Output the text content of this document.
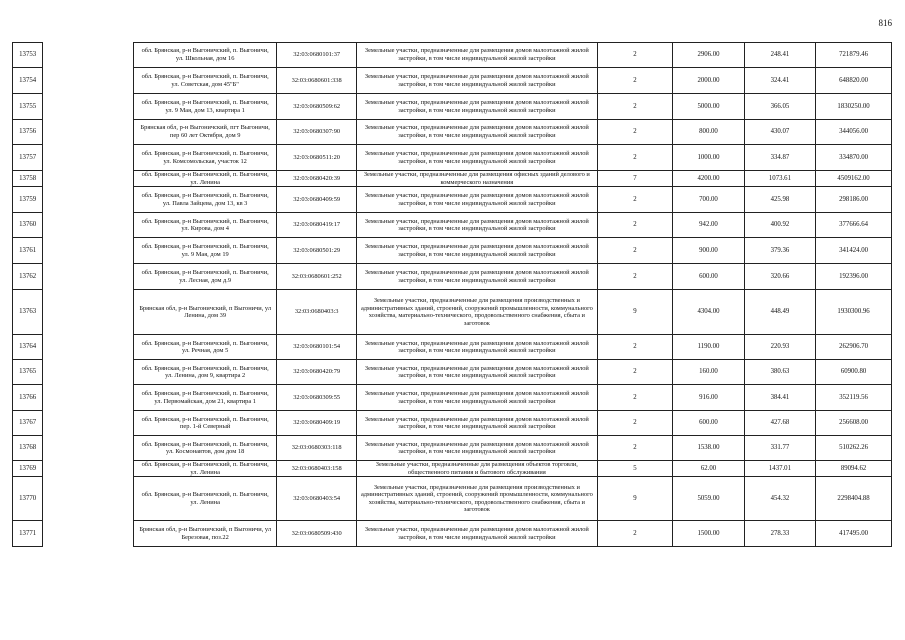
816
13753		обл. Брянская, р-н Выгоничский, п. Выгоничи, ул. Школьная, дом 16	32:03:0680101:37	Земельные участки, предназначенные для размещения домов малоэтажной жилой застройки, в том числе индивидуальной жилой застройки	2	2906.00	248.41	721879.46
13754		обл. Брянская, р-н Выгоничский, п. Выгоничи, ул. Советская, дом 45"Б"	32:03:0680601:338	Земельные участки, предназначенные для размещения домов малоэтажной жилой застройки, в том числе индивидуальной жилой застройки	2	2000.00	324.41	648820.00
13755		обл. Брянская, р-н Выгоничский, п. Выгоничи, ул. 9 Мая, дом 13, квартира 1	32:03:0680509:62	Земельные участки, предназначенные для размещения домов малоэтажной жилой застройки, в том числе индивидуальной жилой застройки	2	5000.00	366.05	1830250.00
13756		Брянская обл, р-н Выгоничский, пгт Выгоничи, пер 60 лет Октября, дом 9	32:03:0680307:90	Земельные участки, предназначенные для размещения домов малоэтажной жилой застройки, в том числе индивидуальной жилой застройки	2	800.00	430.07	344056.00
13757		обл. Брянская, р-н Выгоничский, п. Выгоничи, ул. Комсомольская, участок 12	32:03:0680511:20	Земельные участки, предназначенные для размещения домов малоэтажной жилой застройки, в том числе индивидуальной жилой застройки	2	1000.00	334.87	334870.00
13758		обл. Брянская, р-н Выгоничский, п. Выгоничи, ул. Ленина	32:03:0680420:39	Земельные участки, предназначенные для размещения офисных зданий делового и коммерческого назначения	7	4200.00	1073.61	4509162.00
13759		обл. Брянская, р-н Выгоничский, п. Выгоничи, ул. Павла Зайцева, дом 13, кв 3	32:03:0680409:59	Земельные участки, предназначенные для размещения домов малоэтажной жилой застройки, в том числе индивидуальной жилой застройки	2	700.00	425.98	298186.00
13760		обл. Брянская, р-н Выгоничский, п. Выгоничи, ул. Кирова, дом 4	32:03:0680419:17	Земельные участки, предназначенные для размещения домов малоэтажной жилой застройки, в том числе индивидуальной жилой застройки	2	942.00	400.92	377666.64
13761		обл. Брянская, р-н Выгоничский, п. Выгоничи, ул. 9 Мая, дом 19	32:03:0680501:29	Земельные участки, предназначенные для размещения домов малоэтажной жилой застройки, в том числе индивидуальной жилой застройки	2	900.00	379.36	341424.00
13762		обл. Брянская, р-н Выгоничский, п. Выгоничи, ул. Лесная, дом д.9	32:03:0680601:252	Земельные участки, предназначенные для размещения домов малоэтажной жилой застройки, в том числе индивидуальной жилой застройки	2	600.00	320.66	192396.00
13763		Брянская обл, р-н Выгоничский, п Выгоничи, ул Ленина, дом 39	32:03:0680403:3	Земельные участки, предназначенные для размещения производственных и административных зданий, строений, сооружений промышленности, коммунального хозяйства, материально-технического, продовольственного снабжения, сбыта и заготовок	9	4304.00	448.49	1930300.96
13764		обл. Брянская, р-н Выгоничский, п. Выгоничи, ул. Речная, дом 5	32:03:0680101:54	Земельные участки, предназначенные для размещения домов малоэтажной жилой застройки, в том числе индивидуальной жилой застройки	2	1190.00	220.93	262906.70
13765		обл. Брянская, р-н Выгоничский, п. Выгоничи, ул. Ленина, дом 9, квартира 2	32:03:0680420:79	Земельные участки, предназначенные для размещения домов малоэтажной жилой застройки, в том числе индивидуальной жилой застройки	2	160.00	380.63	60900.80
13766		обл. Брянская, р-н Выгоничский, п. Выгоничи, ул. Первомайская, дом 21, квартира 1	32:03:0680309:55	Земельные участки, предназначенные для размещения домов малоэтажной жилой застройки, в том числе индивидуальной жилой застройки	2	916.00	384.41	352119.56
13767		обл. Брянская, р-н Выгоничский, п. Выгоничи, пер. 1-й Северный	32:03:0680409:19	Земельные участки, предназначенные для размещения домов малоэтажной жилой застройки, в том числе индивидуальной жилой застройки	2	600.00	427.68	256608.00
13768		обл. Брянская, р-н Выгоничский, п. Выгоничи, ул. Космонавтов, дом дом 18	32:03:0680303:118	Земельные участки, предназначенные для размещения домов малоэтажной жилой застройки, в том числе индивидуальной жилой застройки	2	1538.00	331.77	510262.26
13769		обл. Брянская, р-н Выгоничский, п. Выгоничи, ул. Ленина	32:03:0680403:158	Земельные участки, предназначенные для размещения объектов торговли, общественного питания и бытового обслуживания	5	62.00	1437.01	89094.62
13770		обл. Брянская, р-н Выгоничский, п. Выгоничи, ул. Ленина	32:03:0680403:54	Земельные участки, предназначенные для размещения производственных и административных зданий, строений, сооружений промышленности, коммунального хозяйства, материально-технического, продовольственного снабжения, сбыта и заготовок	9	5059.00	454.32	2298404.88
13771		Брянская обл, р-н Выгоничский, п Выгоничи, ул Березовая, поз.22	32:03:0680509:430	Земельные участки, предназначенные для размещения домов малоэтажной жилой застройки, в том числе индивидуальной жилой застройки	2	1500.00	278.33	417495.00
